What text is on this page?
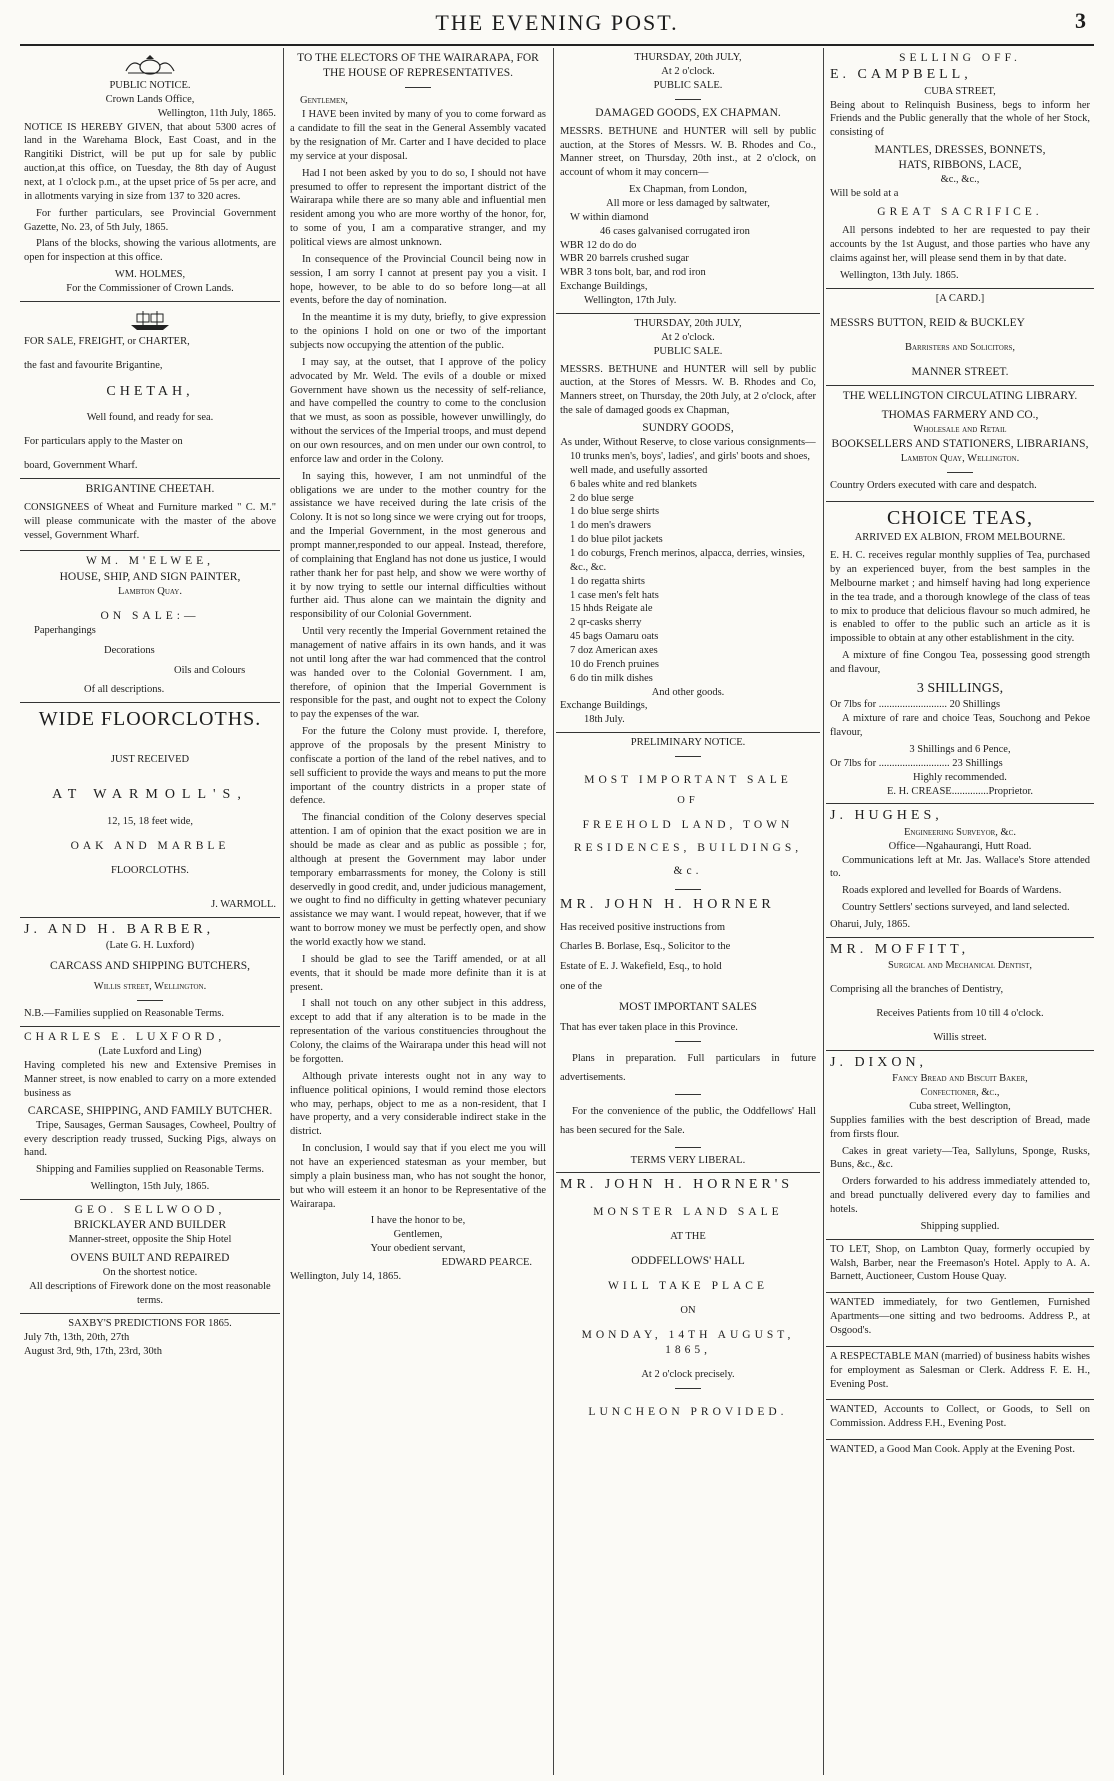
THE EVENING POST.	3
PUBLIC NOTICE.
Crown Lands Office,
Wellington, 11th July, 1865.

NOTICE IS HEREBY GIVEN, that about 5300 acres of land in the Warehama Block, East Coast, and in the Rangitiki District, will be put up for sale by public auction,at this office, on Tuesday, the 8th day of August next, at 1 o'clock p.m., at the upset price of 5s per acre, and in allotments varying in size from 137 to 320 acres.

For further particulars, see Provincial Government Gazette, No. 23, of 5th July, 1865.

Plans of the blocks, showing the various allotments, are open for inspection at this office.

WM. HOLMES,
For the Commissioner of Crown Lands.
FOR SALE, FREIGHT, or CHARTER,
the fast and favourite Brigantine,
CHETAH,
Well found, and ready for sea.
For particulars apply to the Master on
board, Government Wharf.
BRIGANTINE CHEETAH.

CONSIGNEES of Wheat and Furniture marked " C. M." will please communicate with the master of the above vessel, Government Wharf.

WM. M'ELWEE,
HOUSE, SHIP, AND SIGN PAINTER,
Lambton Quay.
ON SALE:—
Paperhangings
Decorations
Oils and Colours
Of all descriptions.
WIDE FLOORCLOTHS.
JUST RECEIVED
AT WARMOLL'S,
12, 15, 18 feet wide,
OAK AND MARBLE
FLOORCLOTHS.
J. WARMOLL.
J. AND H. BARBER,
(Late G. H. Luxford)
CARCASS AND SHIPPING BUTCHERS,
Willis street, Wellington.
N.B.—Families supplied on Reasonable Terms.
CHARLES E. LUXFORD,
(Late Luxford and Ling)

Having completed his new and Extensive Premises in Manner street, is now enabled to carry on a more extended business as

CARCASE, SHIPPING, AND FAMILY BUTCHER.

Tripe, Sausages, German Sausages, Cowheel, Poultry of every description ready trussed, Sucking Pigs, always on hand.

Shipping and Families supplied on Reasonable Terms.

Wellington, 15th July, 1865.
GEO. SELLWOOD,
BRICKLAYER AND BUILDER
Manner-street, opposite the Ship Hotel
OVENS BUILT AND REPAIRED
On the shortest notice.
All descriptions of Firework done on the most reasonable terms.
SAXBY'S PREDICTIONS FOR 1865.
July 7th, 13th, 20th, 27th
August 3rd, 9th, 17th, 23rd, 30th
TO THE ELECTORS OF THE WAIRARAPA, FOR THE HOUSE OF REPRESENTATIVES.
Gentlemen,

I HAVE been invited by many of you to come forward as a candidate to fill the seat in the General Assembly vacated by the resignation of Mr. Carter and I have decided to place my service at your disposal.

Had I not been asked by you to do so, I should not have presumed to offer to represent the important district of the Wairarapa while there are so many able and influential men resident among you who are more worthy of the honor, for, to some of you, I am a comparative stranger, and my political views are almost unknown.

In consequence of the Provincial Council being now in session, I am sorry I cannot at present pay you a visit. I hope, however, to be able to do so before long—at all events, before the day of nomination.

In the meantime it is my duty, briefly, to give expression to the opinions I hold on one or two of the important subjects now occupying the attention of the public.

I may say, at the outset, that I approve of the policy advocated by Mr. Weld. The evils of a double or mixed Government have shown us the necessity of self-reliance, and have compelled the country to come to the conclusion that we must, as soon as possible, however unwillingly, do without the services of the Imperial troops, and must depend on our own resources, and on men under our own control, to enforce law and order in the Colony.

In saying this, however, I am not unmindful of the obligations we are under to the mother country for the assistance we have received during the late crisis of the Colony. It is not so long since we were crying out for troops, and the Imperial Government, in the most generous and prompt manner,responded to our appeal. Instead, therefore, of complaining that England has not done us justice, I would rather thank her for past help, and show we were worthy of it by now trying to settle our internal difficulties without further aid. Thus alone can we maintain the dignity and responsibility of our Colonial Government.

Until very recently the Imperial Government retained the management of native affairs in its own hands, and it was not until long after the war had commenced that the control was handed over to the Colonial Government. I am, therefore, of opinion that the Imperial Government is responsible for the past, and ought not to expect the Colony to pay the expenses of the war.

For the future the Colony must provide. I, therefore, approve of the proposals by the present Ministry to confiscate a portion of the land of the rebel natives, and to sell sufficient to provide the ways and means to put the more important of the country districts in a proper state of defence.

The financial condition of the Colony deserves special attention. I am of opinion that the exact position we are in should be made as clear and as public as possible ; for, although at present the Government may labor under temporary embarrassments for money, the Colony is still deservedly in good credit, and, under judicious management, we ought to find no difficulty in getting whatever pecuniary assistance we may want. I would repeat, however, that if we want to borrow money we must be perfectly open, and show the world exactly how we stand.

I should be glad to see the Tariff amended, or at all events, that it should be made more definite than it is at present.

I shall not touch on any other subject in this address, except to add that if any alteration is to be made in the representation of the various constituencies throughout the Colony, the claims of the Wairarapa under this head will not be forgotten.

Although private interests ought not in any way to influence political opinions, I would remind those electors who may, perhaps, object to me as a non-resident, that I have property, and a very considerable indirect stake in the district.

In conclusion, I would say that if you elect me you will not have an experienced statesman as your member, but simply a plain business man, who has not sought the honor, but who will esteem it an honor to be Representative of the Wairarapa.

I have the honor to be,
Gentlemen,
Your obedient servant,
EDWARD PEARCE.
Wellington, July 14, 1865.
THURSDAY, 20th JULY,
At 2 o'clock.
PUBLIC SALE.
DAMAGED GOODS, EX CHAPMAN.

MESSRS. BETHUNE and HUNTER will sell by public auction, at the Stores of Messrs. W. B. Rhodes and Co., Manner street, on Thursday, 20th inst., at 2 o'clock, on account of whom it may concern—

Ex Chapman, from London,
All more or less damaged by saltwater,
W within diamond
46 cases galvanised corrugated iron
WBR 12 do do do
WBR 20 barrels crushed sugar
WBR 3 tons bolt, bar, and rod iron
Exchange Buildings,
Wellington, 17th July.
THURSDAY, 20th JULY,
At 2 o'clock.
PUBLIC SALE.

MESSRS. BETHUNE and HUNTER will sell by public auction, at the Stores of Messrs. W. B. Rhodes and Co, Manners street, on Thursday, the 20th July, at 2 o'clock, after the sale of damaged goods ex Chapman,

SUNDRY GOODS,
As under, Without Reserve, to close various consignments—
10 trunks men's, boys', ladies', and girls' boots and shoes, well made, and usefully assorted
6 bales white and red blankets
2 do blue serge
1 do blue serge shirts
1 do men's drawers
1 do blue pilot jackets
1 do coburgs, French merinos, alpacca, derries, winsies, &c., &c.
1 do regatta shirts
1 case men's felt hats
15 hhds Reigate ale
2 qr-casks sherry
45 bags Oamaru oats
7 doz American axes
10 do French pruines
6 do tin milk dishes
And other goods.
Exchange Buildings,
18th July.
PRELIMINARY NOTICE.
MOST IMPORTANT SALE
OF
FREEHOLD LAND, TOWN RESIDENCES, BUILDINGS, &c.
MR. JOHN H. HORNER
Has received positive instructions from
Charles B. Borlase, Esq., Solicitor to the
Estate of E. J. Wakefield, Esq., to hold
one of the
MOST IMPORTANT SALES
That has ever taken place in this Province.

Plans in preparation. Full particulars in future advertisements.

For the convenience of the public, the Oddfellows' Hall has been secured for the Sale.

TERMS VERY LIBERAL.
MR. JOHN H. HORNER'S
MONSTER LAND SALE
AT THE
ODDFELLOWS' HALL
WILL TAKE PLACE
ON
MONDAY, 14TH AUGUST, 1865,
At 2 o'clock precisely.
LUNCHEON PROVIDED.
SELLING OFF.
E. CAMPBELL,
CUBA STREET,

Being about to Relinquish Business, begs to inform her Friends and the Public generally that the whole of her Stock, consisting of

MANTLES, DRESSES, BONNETS,
HATS, RIBBONS, LACE,
&c., &c.,
Will be sold at a
GREAT SACRIFICE.

All persons indebted to her are requested to pay their accounts by the 1st August, and those parties who have any claims against her, will please send them in by that date.

Wellington, 13th July. 1865.
[A CARD.]
MESSRS BUTTON, REID & BUCKLEY
Barristers and Solicitors,
MANNER STREET.
THE WELLINGTON CIRCULATING LIBRARY.
THOMAS FARMERY AND CO.,
Wholesale and Retail
BOOKSELLERS AND STATIONERS, LIBRARIANS,
Lambton Quay, Wellington.

Country Orders executed with care and despatch.

CHOICE TEAS,
ARRIVED EX ALBION, FROM MELBOURNE.

E. H. C. receives regular monthly supplies of Tea, purchased by an experienced buyer, from the best samples in the Melbourne market ; and himself having had long experience in the tea trade, and a thorough knowlege of the class of teas to mix to produce that delicious flavour so much admired, he is enabled to offer to the public such an article as it is impossible to obtain at any other establishment in the city.

A mixture of fine Congou Tea, possessing good strength and flavour,

3 SHILLINGS,
Or 7lbs for .......................... 20 Shillings

A mixture of rare and choice Teas, Souchong and Pekoe flavour,

3 Shillings and 6 Pence,
Or 7lbs for ........................... 23 Shillings
Highly recommended.
E. H. CREASE..............Proprietor.
J. HUGHES,
Engineering Surveyor, &c.
Office—Ngahaurangi, Hutt Road.

Communications left at Mr. Jas. Wallace's Store attended to.

Roads explored and levelled for Boards of Wardens.

Country Settlers' sections surveyed, and land selected.

Oharui, July, 1865.
MR. MOFFITT,
Surgical and Mechanical Dentist,
Comprising all the branches of Dentistry,
Receives Patients from 10 till 4 o'clock.
Willis street.
J. DIXON,
Fancy Bread and Biscuit Baker,
Confectioner, &c.,
Cuba street, Wellington,

Supplies families with the best description of Bread, made from firsts flour.

Cakes in great variety—Tea, Sallyluns, Sponge, Rusks, Buns, &c., &c.

Orders forwarded to his address immediately attended to, and bread punctually delivered every day to families and hotels.

Shipping supplied.

TO LET, Shop, on Lambton Quay, formerly occupied by Walsh, Barber, near the Freemason's Hotel. Apply to A. A. Barnett, Auctioneer, Custom House Quay.

WANTED immediately, for two Gentlemen, Furnished Apartments—one sitting and two bedrooms. Address P., at Osgood's.

A RESPECTABLE MAN (married) of business habits wishes for employment as Salesman or Clerk. Address F. E. H., Evening Post.

WANTED, Accounts to Collect, or Goods, to Sell on Commission. Address F.H., Evening Post.

WANTED, a Good Man Cook. Apply at the Evening Post.
